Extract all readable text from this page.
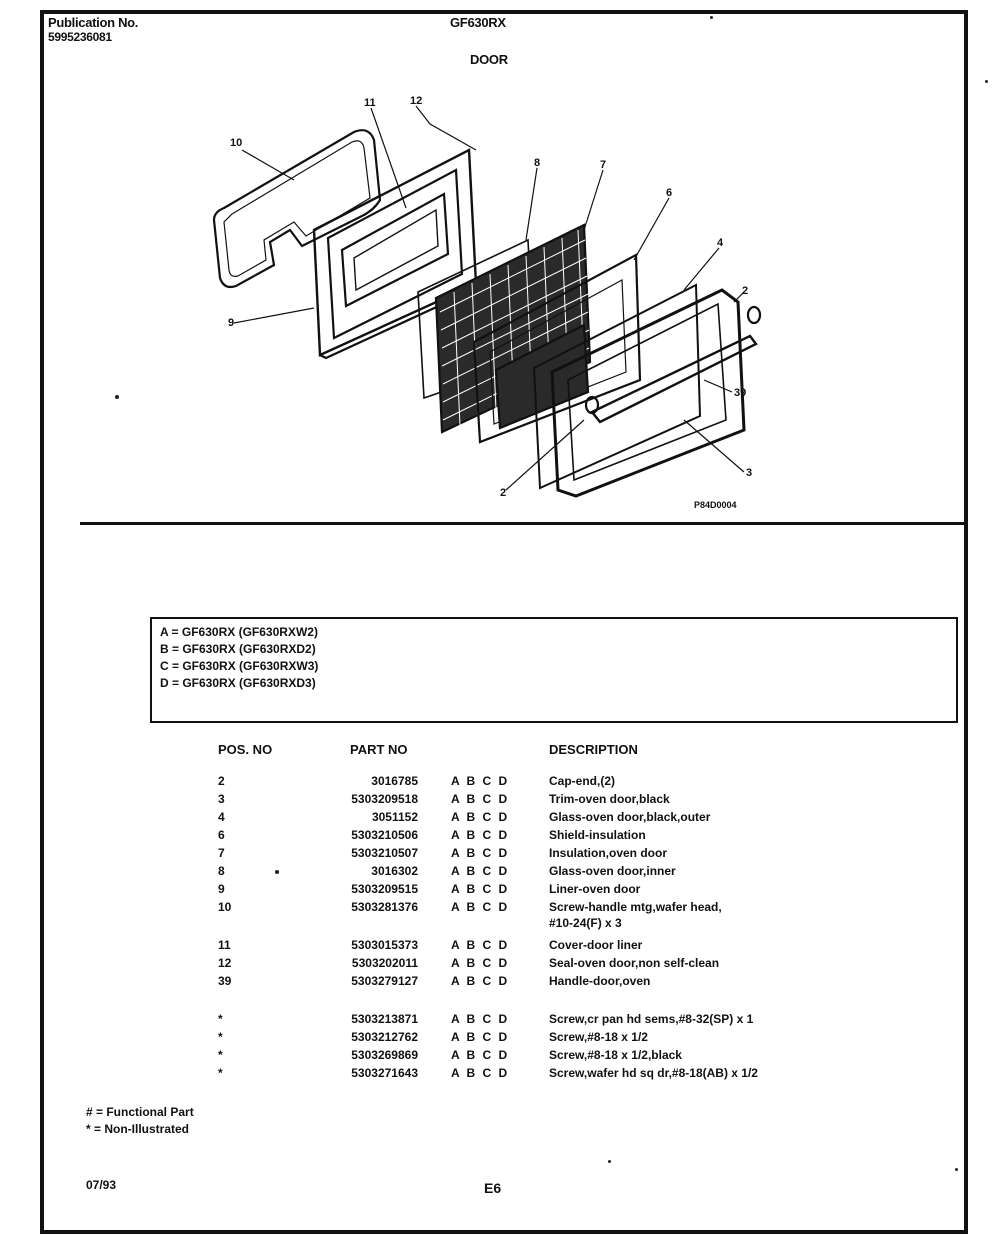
Publication No.
5995236081
GF630RX
DOOR
11	12
10
8	7
6
4
2
9
39
3
2
P84D0004
A = GF630RX (GF630RXW2)
B = GF630RX (GF630RXD2)
C = GF630RX (GF630RXW3)
D = GF630RX (GF630RXD3)
POS. NO	PART NO	DESCRIPTION
2	3016785	A B C D	Cap-end,(2)
3	5303209518	A B C D	Trim-oven door,black
4	3051152	A B C D	Glass-oven door,black,outer
6	5303210506	A B C D	Shield-insulation
7	5303210507	A B C D	Insulation,oven door
8	3016302	A B C D	Glass-oven door,inner
9	5303209515	A B C D	Liner-oven door
10	5303281376	A B C D	Screw-handle mtg,wafer head,
#10-24(F) x 3
11	5303015373	A B C D	Cover-door liner
12	5303202011	A B C D	Seal-oven door,non self-clean
39	5303279127	A B C D	Handle-door,oven
*	5303213871	A B C D	Screw,cr pan hd sems,#8-32(SP) x 1
*	5303212762	A B C D	Screw,#8-18 x 1/2
*	5303269869	A B C D	Screw,#8-18 x 1/2,black
*	5303271643	A B C D	Screw,wafer hd sq dr,#8-18(AB) x 1/2
# = Functional Part
* = Non-Illustrated
07/93	E6
